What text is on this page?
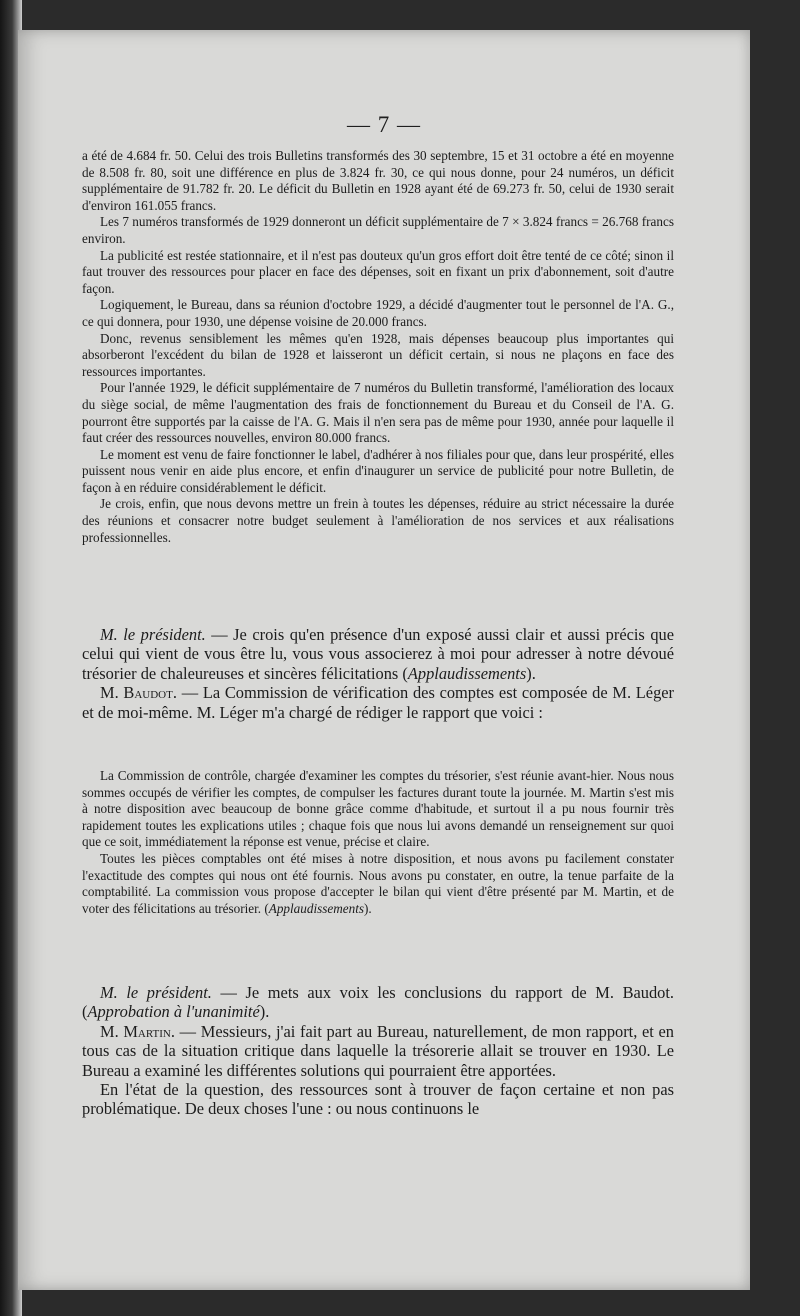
— 7 —

a été de 4.684 fr. 50. Celui des trois Bulletins transformés des 30 septembre, 15 et 31 octobre a été en moyenne de 8.508 fr. 80, soit une différence en plus de 3.824 fr. 30, ce qui nous donne, pour 24 numéros, un déficit supplémentaire de 91.782 fr. 20. Le déficit du Bulletin en 1928 ayant été de 69.273 fr. 50, celui de 1930 serait d'environ 161.055 francs.

Les 7 numéros transformés de 1929 donneront un déficit supplémentaire de 7 × 3.824 francs = 26.768 francs environ.

La publicité est restée stationnaire, et il n'est pas douteux qu'un gros effort doit être tenté de ce côté; sinon il faut trouver des ressources pour placer en face des dépenses, soit en fixant un prix d'abonnement, soit d'autre façon.

Logiquement, le Bureau, dans sa réunion d'octobre 1929, a décidé d'augmenter tout le personnel de l'A. G., ce qui donnera, pour 1930, une dépense voisine de 20.000 francs.

Donc, revenus sensiblement les mêmes qu'en 1928, mais dépenses beaucoup plus importantes qui absorberont l'excédent du bilan de 1928 et laisseront un déficit certain, si nous ne plaçons en face des ressources importantes.

Pour l'année 1929, le déficit supplémentaire de 7 numéros du Bulletin transformé, l'amélioration des locaux du siège social, de même l'augmentation des frais de fonctionnement du Bureau et du Conseil de l'A. G. pourront être supportés par la caisse de l'A. G. Mais il n'en sera pas de même pour 1930, année pour laquelle il faut créer des ressources nouvelles, environ 80.000 francs.

Le moment est venu de faire fonctionner le label, d'adhérer à nos filiales pour que, dans leur prospérité, elles puissent nous venir en aide plus encore, et enfin d'inaugurer un service de publicité pour notre Bulletin, de façon à en réduire considérablement le déficit.

Je crois, enfin, que nous devons mettre un frein à toutes les dépenses, réduire au strict nécessaire la durée des réunions et consacrer notre budget seulement à l'amélioration de nos services et aux réalisations professionnelles.

M. le président. — Je crois qu'en présence d'un exposé aussi clair et aussi précis que celui qui vient de vous être lu, vous vous associerez à moi pour adresser à notre dévoué trésorier de chaleureuses et sincères félicitations (Applaudissements).

M. Baudot. — La Commission de vérification des comptes est composée de M. Léger et de moi-même. M. Léger m'a chargé de rédiger le rapport que voici :

La Commission de contrôle, chargée d'examiner les comptes du trésorier, s'est réunie avant-hier. Nous nous sommes occupés de vérifier les comptes, de compulser les factures durant toute la journée. M. Martin s'est mis à notre disposition avec beaucoup de bonne grâce comme d'habitude, et surtout il a pu nous fournir très rapidement toutes les explications utiles ; chaque fois que nous lui avons demandé un renseignement sur quoi que ce soit, immédiatement la réponse est venue, précise et claire.

Toutes les pièces comptables ont été mises à notre disposition, et nous avons pu facilement constater l'exactitude des comptes qui nous ont été fournis. Nous avons pu constater, en outre, la tenue parfaite de la comptabilité. La commission vous propose d'accepter le bilan qui vient d'être présenté par M. Martin, et de voter des félicitations au trésorier. (Applaudissements).

M. le président. — Je mets aux voix les conclusions du rapport de M. Baudot. (Approbation à l'unanimité).

M. Martin. — Messieurs, j'ai fait part au Bureau, naturellement, de mon rapport, et en tous cas de la situation critique dans laquelle la trésorerie allait se trouver en 1930. Le Bureau a examiné les différentes solutions qui pourraient être apportées.

En l'état de la question, des ressources sont à trouver de façon certaine et non pas problématique. De deux choses l'une : ou nous continuons le
